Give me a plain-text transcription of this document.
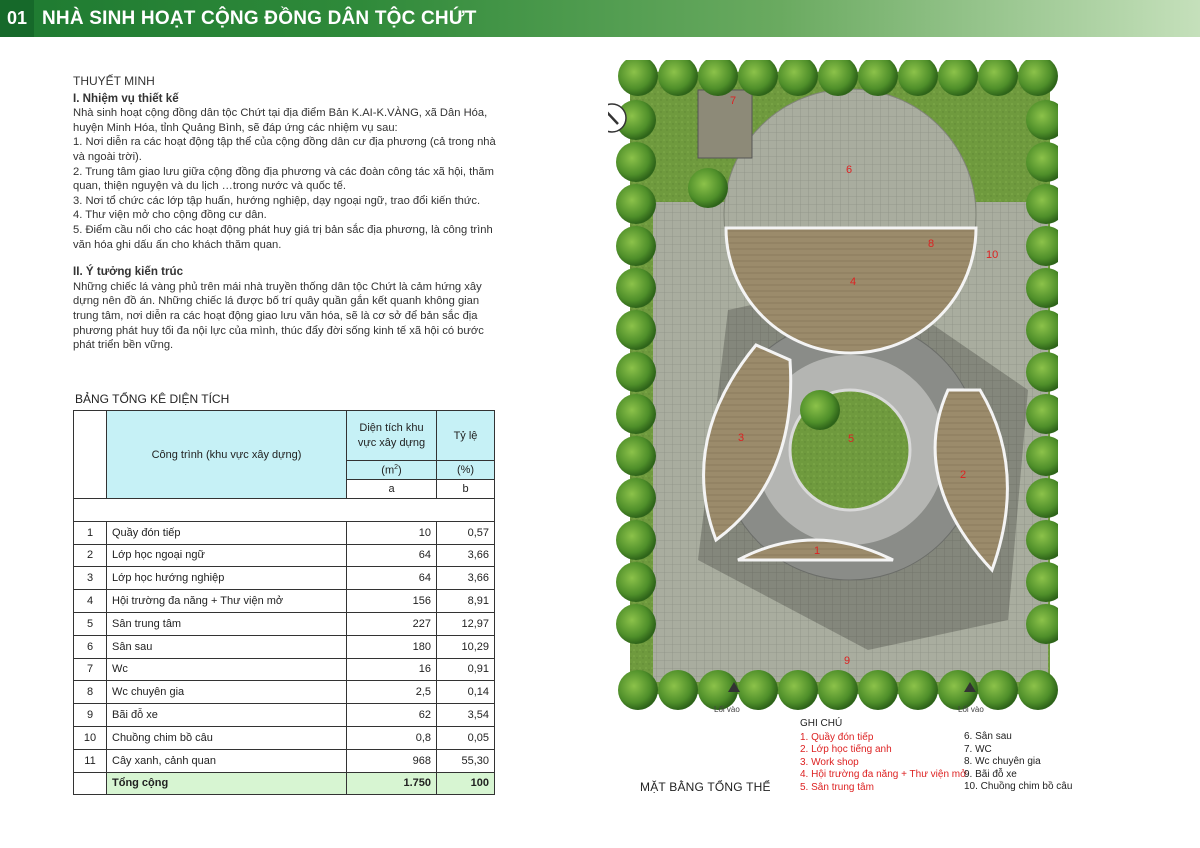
01 NHÀ SINH HOẠT CỘNG ĐỒNG DÂN TỘC CHỨT
THUYẾT MINH
I. Nhiệm vụ thiết kế

Nhà sinh hoạt cộng đồng dân tộc Chứt tại địa điểm Bản K.AI-K.VÀNG, xã Dân Hóa, huyện Minh Hóa, tỉnh Quảng Bình, sẽ đáp ứng các nhiệm vụ sau:

1. Nơi diễn ra các hoạt động tập thể của cộng đồng dân cư địa phương (cả trong nhà và ngoài trời).

2. Trung tâm giao lưu giữa cộng đồng địa phương và các đoàn công tác xã hội, thăm quan, thiện nguyện và du lịch …trong nước và quốc tế.

3. Nơi tổ chức các lớp tập huấn, hướng nghiệp, dạy ngoại ngữ, trao đổi kiến thức.

4. Thư viện mở cho cộng đồng cư dân.

5. Điểm cầu nối cho các hoạt động phát huy giá trị bản sắc địa phương, là công trình văn hóa ghi dấu ấn cho khách thăm quan.

II. Ý tưởng kiến trúc

Những chiếc lá vàng phủ trên mái nhà truyền thống dân tộc Chứt là cảm hứng xây dựng nên đồ án. Những chiếc lá được bố trí quây quần gắn kết quanh không gian trung tâm, nơi diễn ra các hoạt động giao lưu văn hóa, sẽ là cơ sở để bản sắc địa phương phát huy tối đa nội lực của mình, thúc đẩy đời sống kinh tế xã hội có bước phát triển bền vững.

BẢNG TỔNG KÊ DIỆN TÍCH
	Công trình (khu vực xây dựng)	Diện tích khu vực xây dựng	Tỷ lệ
		$(m^2)$	(%)
		a	b

1	Quầy đón tiếp	10	0,57
2	Lớp học ngoại ngữ	64	3,66
3	Lớp học hướng nghiệp	64	3,66
4	Hội trường đa năng + Thư viện mở	156	8,91
5	Sân trung tâm	227	12,97
6	Sân sau	180	10,29
7	Wc	16	0,91
8	Wc chuyên gia	2,5	0,14
9	Bãi đỗ xe	62	3,54
10	Chuồng chim bồ câu	0,8	0,05
11	Cây xanh, cảnh quan	968	55,30
	Tổng cộng	1.750	100
1
2
3
4
5
6
7
8
9
10
Lối vào	Lối vào
GHI CHÚ
1. Quầy đón tiếp
2. Lớp học tiếng anh
3. Work shop
4. Hội trường đa năng + Thư viện mở
5. Sân trung tâm
6. Sân sau
7. WC
8. Wc chuyên gia
9. Bãi đỗ xe
10. Chuồng chim bồ câu
MẶT BẰNG TỔNG THỂ
